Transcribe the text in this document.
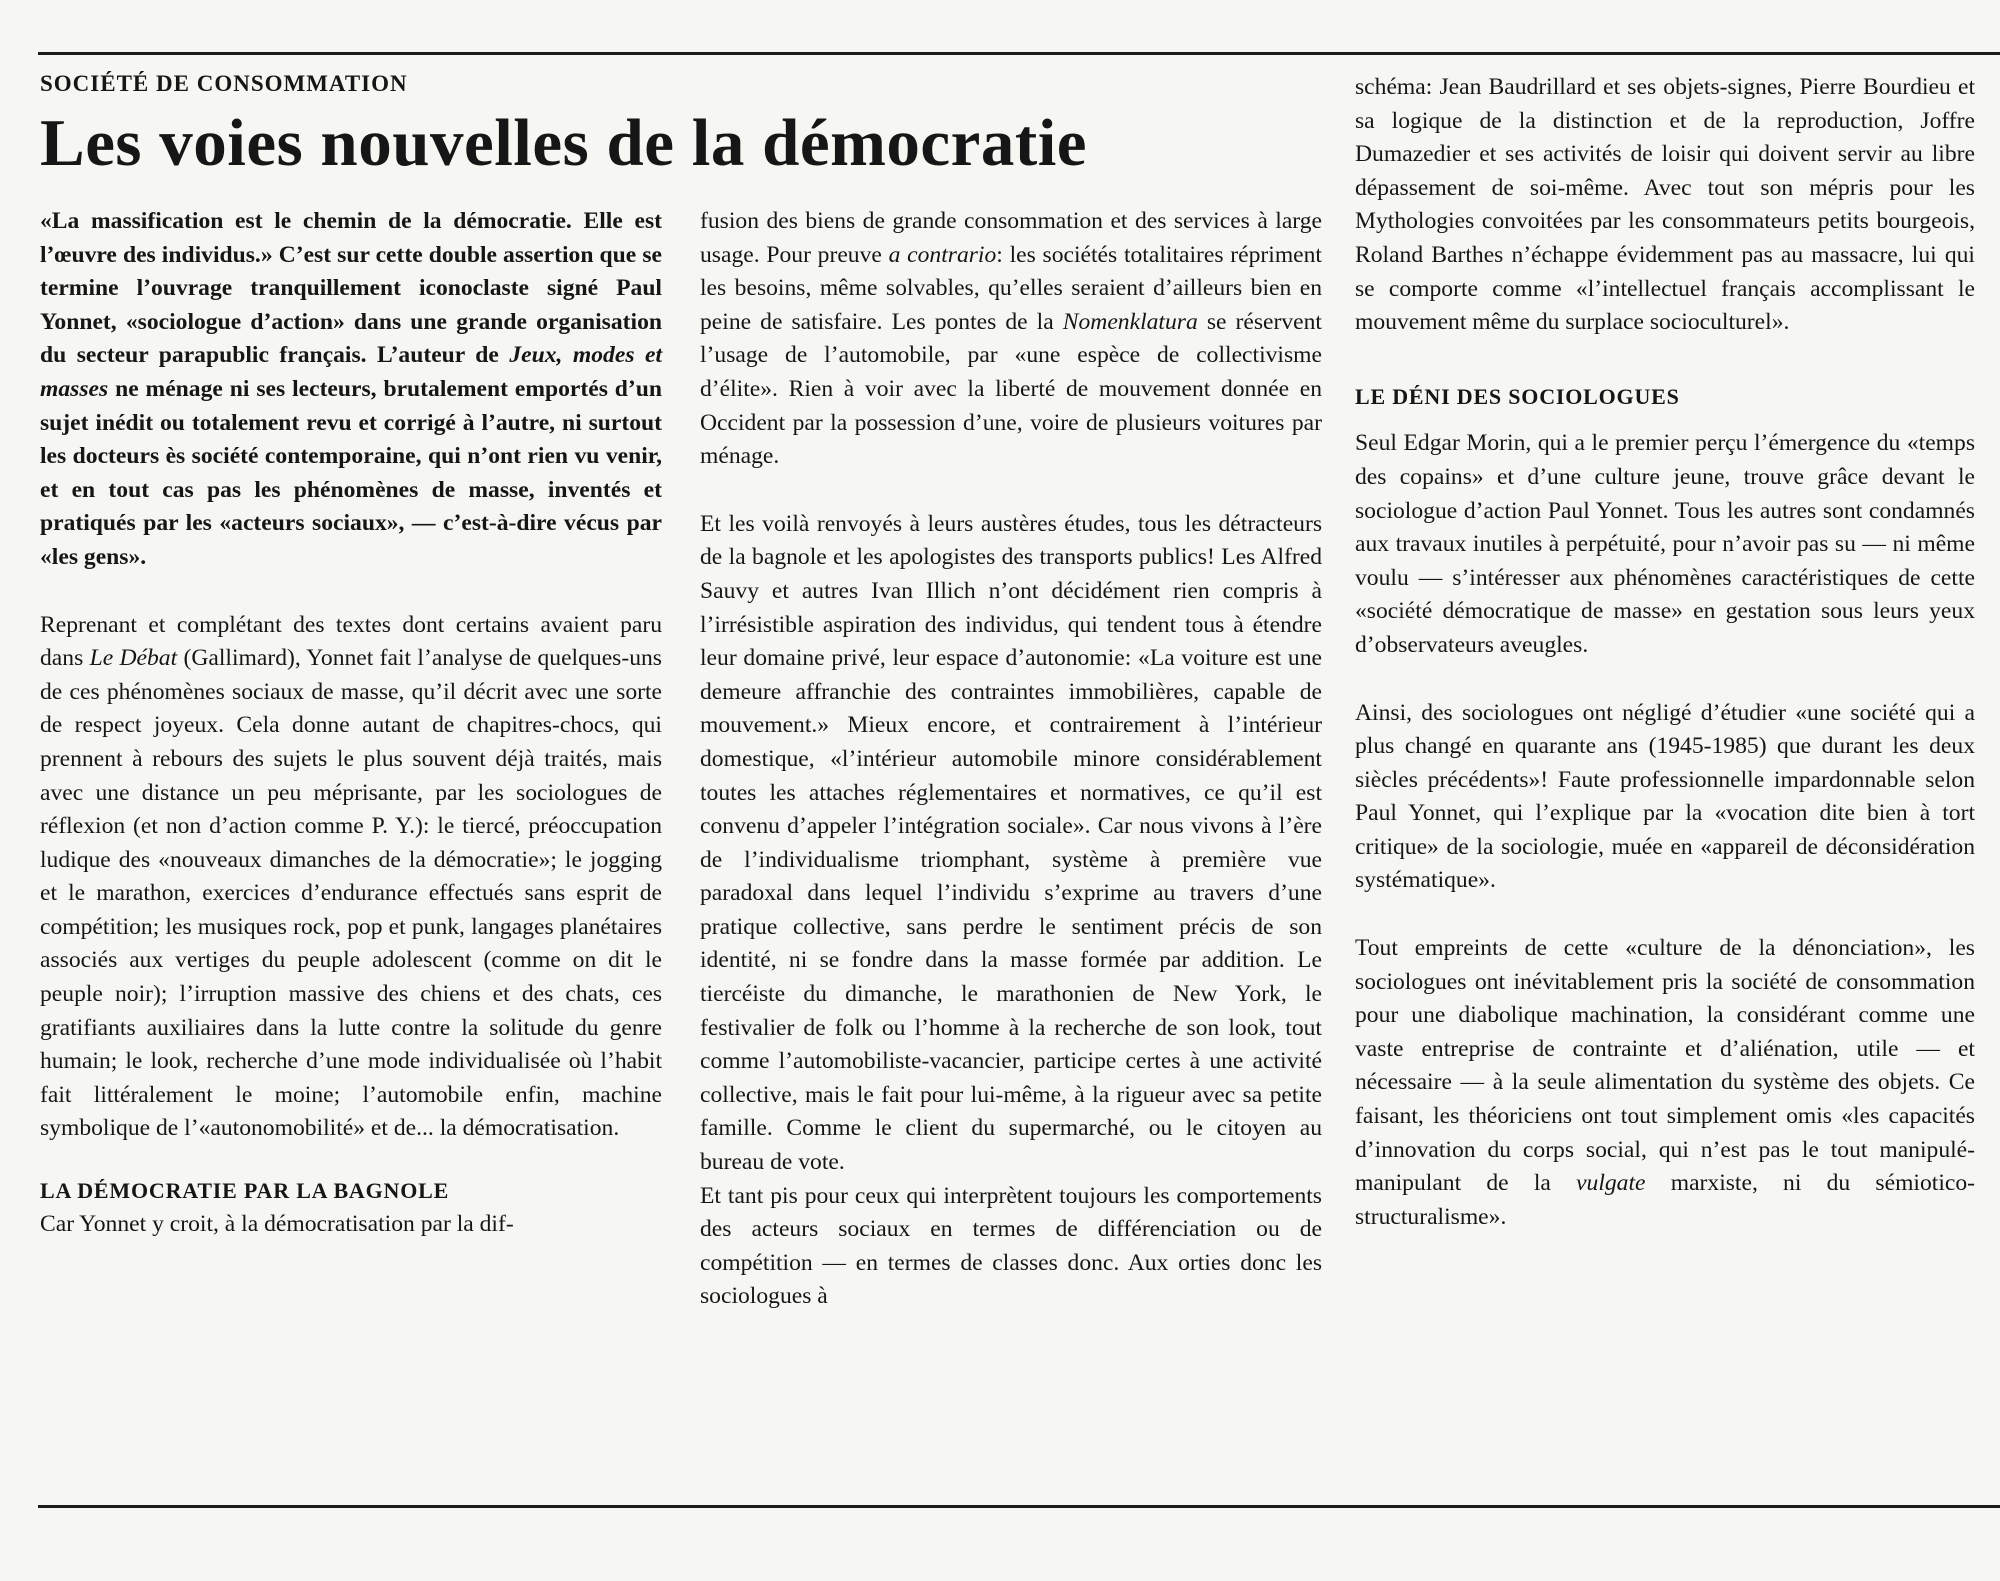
SOCIÉTÉ DE CONSOMMATION
Les voies nouvelles de la démocratie

«La massification est le chemin de la démocratie. Elle est l’œuvre des individus.» C’est sur cette double assertion que se termine l’ouvrage tranquillement iconoclaste signé Paul Yonnet, «sociologue d’action» dans une grande organisation du secteur parapublic français. L’auteur de Jeux, modes et masses ne ménage ni ses lecteurs, brutalement emportés d’un sujet inédit ou totalement revu et corrigé à l’autre, ni surtout les docteurs ès société contemporaine, qui n’ont rien vu venir, et en tout cas pas les phénomènes de masse, inventés et pratiqués par les «acteurs sociaux», — c’est-à-dire vécus par «les gens».

Reprenant et complétant des textes dont certains avaient paru dans Le Débat (Gallimard), Yonnet fait l’analyse de quelques-uns de ces phénomènes sociaux de masse, qu’il décrit avec une sorte de respect joyeux. Cela donne autant de chapitres-chocs, qui prennent à rebours des sujets le plus souvent déjà traités, mais avec une distance un peu méprisante, par les sociologues de réflexion (et non d’action comme P. Y.): le tiercé, préoccupation ludique des «nouveaux dimanches de la démocratie»; le jogging et le marathon, exercices d’endurance effectués sans esprit de compétition; les musiques rock, pop et punk, langages planétaires associés aux vertiges du peuple adolescent (comme on dit le peuple noir); l’irruption massive des chiens et des chats, ces gratifiants auxiliaires dans la lutte contre la solitude du genre humain; le look, recherche d’une mode individualisée où l’habit fait littéralement le moine; l’automobile enfin, machine symbolique de l’«autonomobilité» et de... la démocratisation.

LA DÉMOCRATIE PAR LA BAGNOLE

Car Yonnet y croit, à la démocratisation par la dif-

fusion des biens de grande consommation et des services à large usage. Pour preuve a contrario: les sociétés totalitaires répriment les besoins, même solvables, qu’elles seraient d’ailleurs bien en peine de satisfaire. Les pontes de la Nomenklatura se réservent l’usage de l’automobile, par «une espèce de collectivisme d’élite». Rien à voir avec la liberté de mouvement donnée en Occident par la possession d’une, voire de plusieurs voitures par ménage.

Et les voilà renvoyés à leurs austères études, tous les détracteurs de la bagnole et les apologistes des transports publics! Les Alfred Sauvy et autres Ivan Illich n’ont décidément rien compris à l’irrésistible aspiration des individus, qui tendent tous à étendre leur domaine privé, leur espace d’autonomie: «La voiture est une demeure affranchie des contraintes immobilières, capable de mouvement.» Mieux encore, et contrairement à l’intérieur domestique, «l’intérieur automobile minore considérablement toutes les attaches réglementaires et normatives, ce qu’il est convenu d’appeler l’intégration sociale». Car nous vivons à l’ère de l’individualisme triomphant, système à première vue paradoxal dans lequel l’individu s’exprime au travers d’une pratique collective, sans perdre le sentiment précis de son identité, ni se fondre dans la masse formée par addition. Le tiercéiste du dimanche, le marathonien de New York, le festivalier de folk ou l’homme à la recherche de son look, tout comme l’automobiliste-vacancier, participe certes à une activité collective, mais le fait pour lui-même, à la rigueur avec sa petite famille. Comme le client du supermarché, ou le citoyen au bureau de vote.

Et tant pis pour ceux qui interprètent toujours les comportements des acteurs sociaux en termes de différenciation ou de compétition — en termes de classes donc. Aux orties donc les sociologues à

schéma: Jean Baudrillard et ses objets-signes, Pierre Bourdieu et sa logique de la distinction et de la reproduction, Joffre Dumazedier et ses activités de loisir qui doivent servir au libre dépassement de soi-même. Avec tout son mépris pour les Mythologies convoitées par les consommateurs petits bourgeois, Roland Barthes n’échappe évidemment pas au massacre, lui qui se comporte comme «l’intellectuel français accomplissant le mouvement même du surplace socioculturel».

LE DÉNI DES SOCIOLOGUES

Seul Edgar Morin, qui a le premier perçu l’émergence du «temps des copains» et d’une culture jeune, trouve grâce devant le sociologue d’action Paul Yonnet. Tous les autres sont condamnés aux travaux inutiles à perpétuité, pour n’avoir pas su — ni même voulu — s’intéresser aux phénomènes caractéristiques de cette «société démocratique de masse» en gestation sous leurs yeux d’observateurs aveugles.

Ainsi, des sociologues ont négligé d’étudier «une société qui a plus changé en quarante ans (1945-1985) que durant les deux siècles précédents»! Faute professionnelle impardonnable selon Paul Yonnet, qui l’explique par la «vocation dite bien à tort critique» de la sociologie, muée en «appareil de déconsidération systématique».

Tout empreints de cette «culture de la dénonciation», les sociologues ont inévitablement pris la société de consommation pour une diabolique machination, la considérant comme une vaste entreprise de contrainte et d’aliénation, utile — et nécessaire — à la seule alimentation du système des objets. Ce faisant, les théoriciens ont tout simplement omis «les capacités d’innovation du corps social, qui n’est pas le tout manipulé-manipulant de la vulgate marxiste, ni du sémiotico-structuralisme».
